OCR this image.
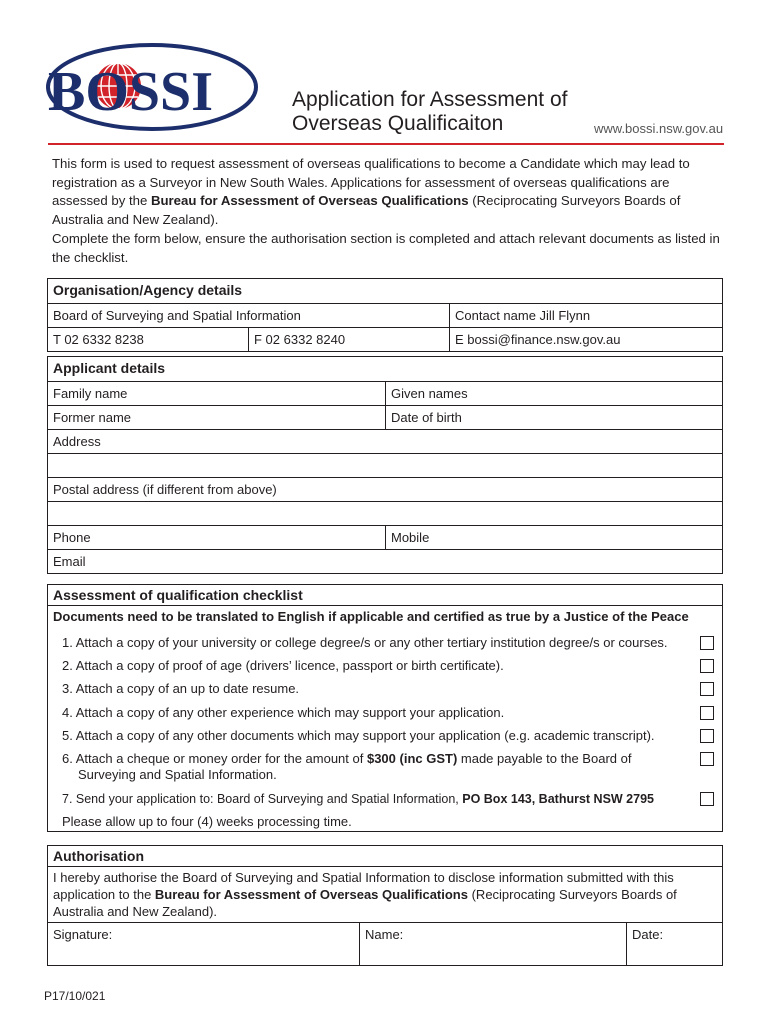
BOSSI	Application for Assessment of
Overseas Qualificaiton	www.bossi.nsw.gov.au

This form is used to request assessment of overseas qualifications to become a Candidate which may lead to registration as a Surveyor in New South Wales. Applications for assessment of overseas qualifications are assessed by the Bureau for Assessment of Overseas Qualifications (Reciprocating Surveyors Boards of Australia and New Zealand).

Complete the form below, ensure the authorisation section is completed and attach relevant documents as listed in the checklist.

Organisation/Agency details
Board of Surveying and Spatial Information	Contact name Jill Flynn
T 02 6332 8238	F 02 6332 8240	E bossi@finance.nsw.gov.au
Applicant details
Family name	Given names
Former name	Date of birth
Address
Postal address (if different from above)
Phone	Mobile
Email
Assessment of qualification checklist
Documents need to be translated to English if applicable and certified as true by a Justice of the Peace
1. Attach a copy of your university or college degree/s or any other tertiary institution degree/s or courses.
2. Attach a copy of proof of age (drivers’ licence, passport or birth certificate).
3. Attach a copy of an up to date resume.
4. Attach a copy of any other experience which may support your application.
5. Attach a copy of any other documents which may support your application (e.g. academic transcript).
6. Attach a cheque or money order for the amount of $300 (inc GST) made payable to the Board of
Surveying and Spatial Information.
7. Send your application to: Board of Surveying and Spatial Information, PO Box 143, Bathurst NSW 2795
Please allow up to four (4) weeks processing time.
Authorisation
I hereby authorise the Board of Surveying and Spatial Information to disclose information submitted with this application to the Bureau for Assessment of Overseas Qualifications (Reciprocating Surveyors Boards of Australia and New Zealand).
Signature:	Name:	Date:
P17/10/021
